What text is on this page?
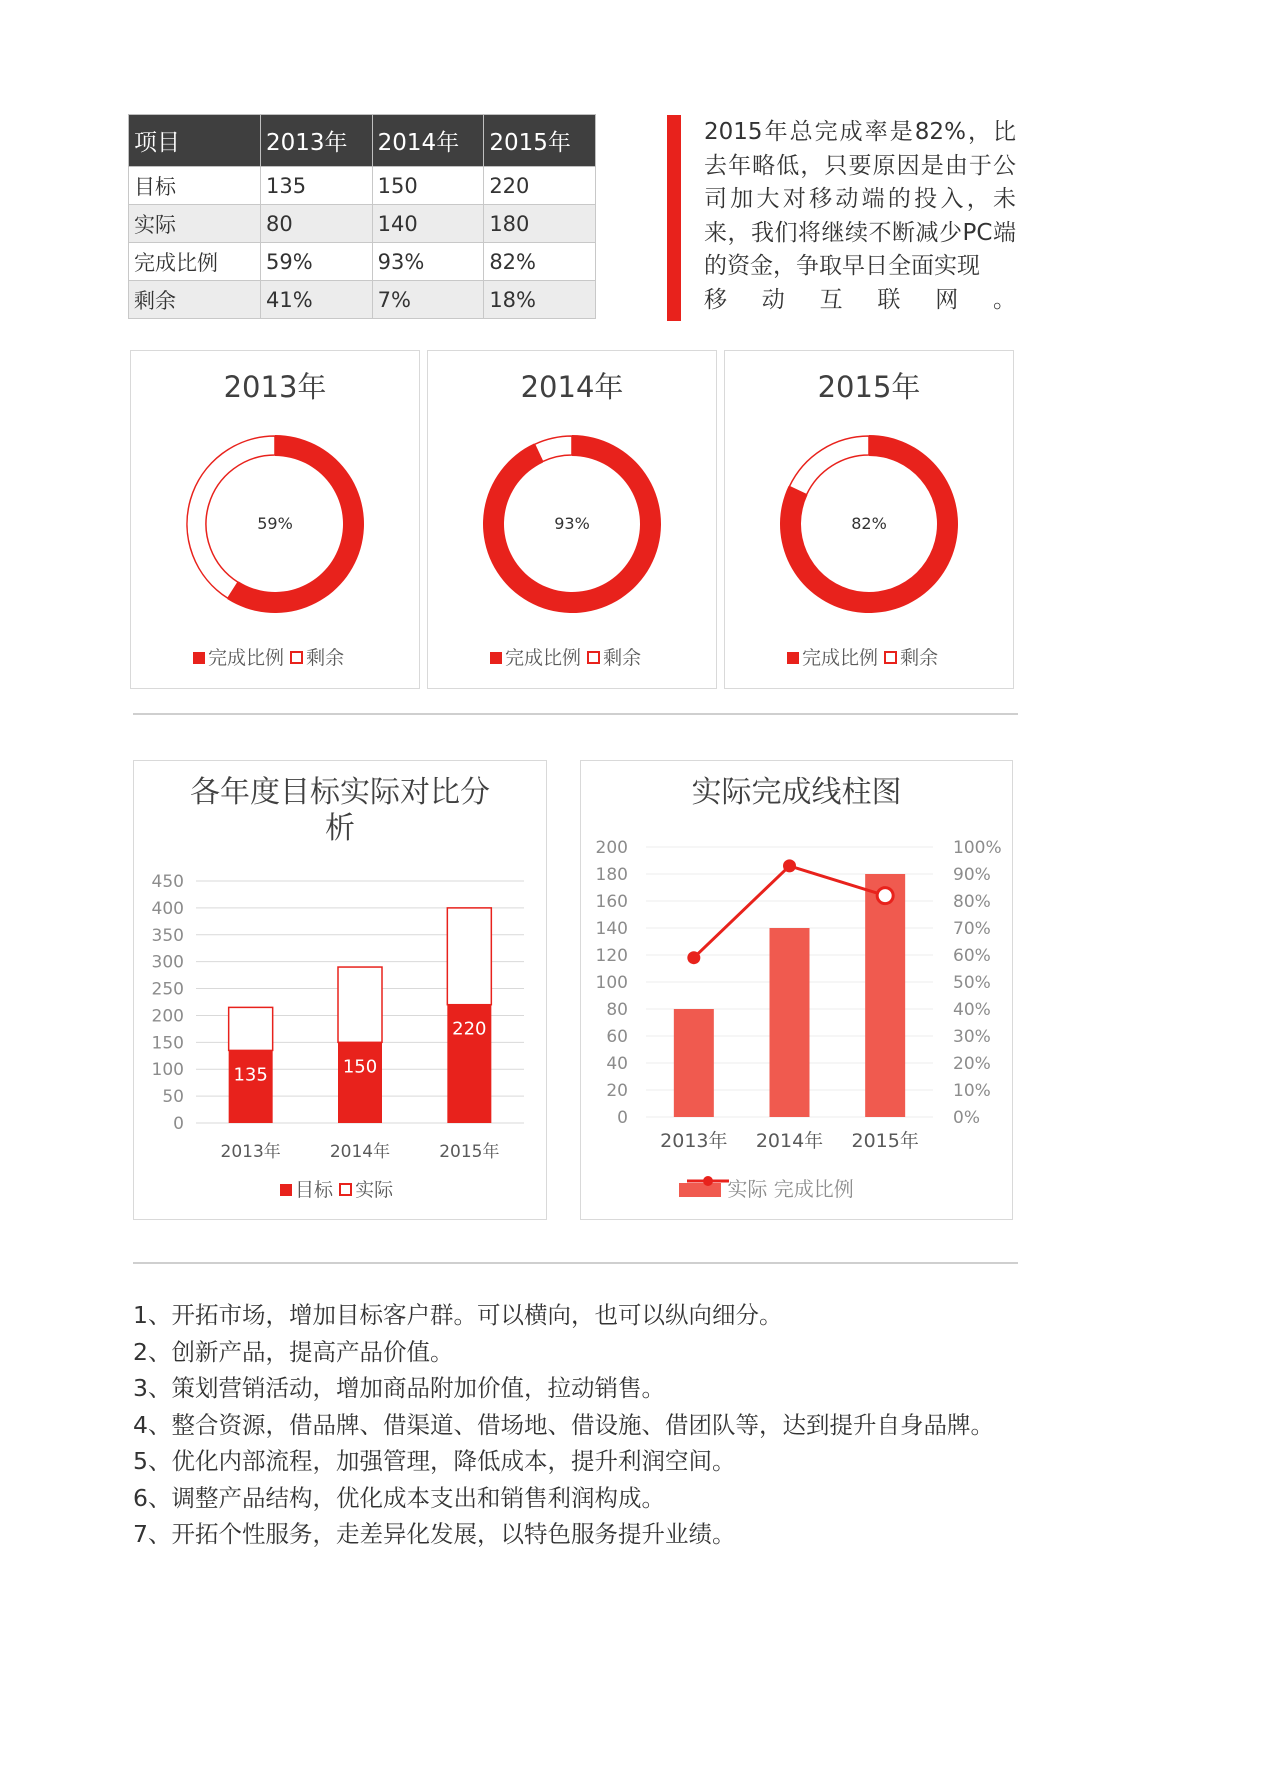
项目	2013年	2014年	2015年
目标	135	150	220
实际	80	140	180
完成比例	59%	93%	82%
剩余	41%	7%	18%
2015年总完成率是82%，比去年略低，只要原因是由于公司加大对移动端的投入，未来，我们将继续不断减少PC端的资金，争取早日全面实现
移 动 互 联 网 。
2013年
59%
完成比例 剩余
2014年
93%
完成比例 剩余
2015年
82%
完成比例 剩余
各年度目标实际对比分
析
0
50
100
150
200
250
300
350
400
450
135
2013年
150
2014年
220
2015年
目标 实际
实际完成线柱图
0
20
40
60
80
100
120
140
160
180
200
0%
10%
20%
30%
40%
50%
60%
70%
80%
90%
100%
2013年 2014年 2015年
实际 完成比例
1、开拓市场，增加目标客户群。可以横向，也可以纵向细分。
2、创新产品，提高产品价值。
3、策划营销活动，增加商品附加价值，拉动销售。
4、整合资源，借品牌、借渠道、借场地、借设施、借团队等，达到提升自身品牌。
5、优化内部流程，加强管理，降低成本，提升利润空间。
6、调整产品结构，优化成本支出和销售利润构成。
7、开拓个性服务，走差异化发展，以特色服务提升业绩。
